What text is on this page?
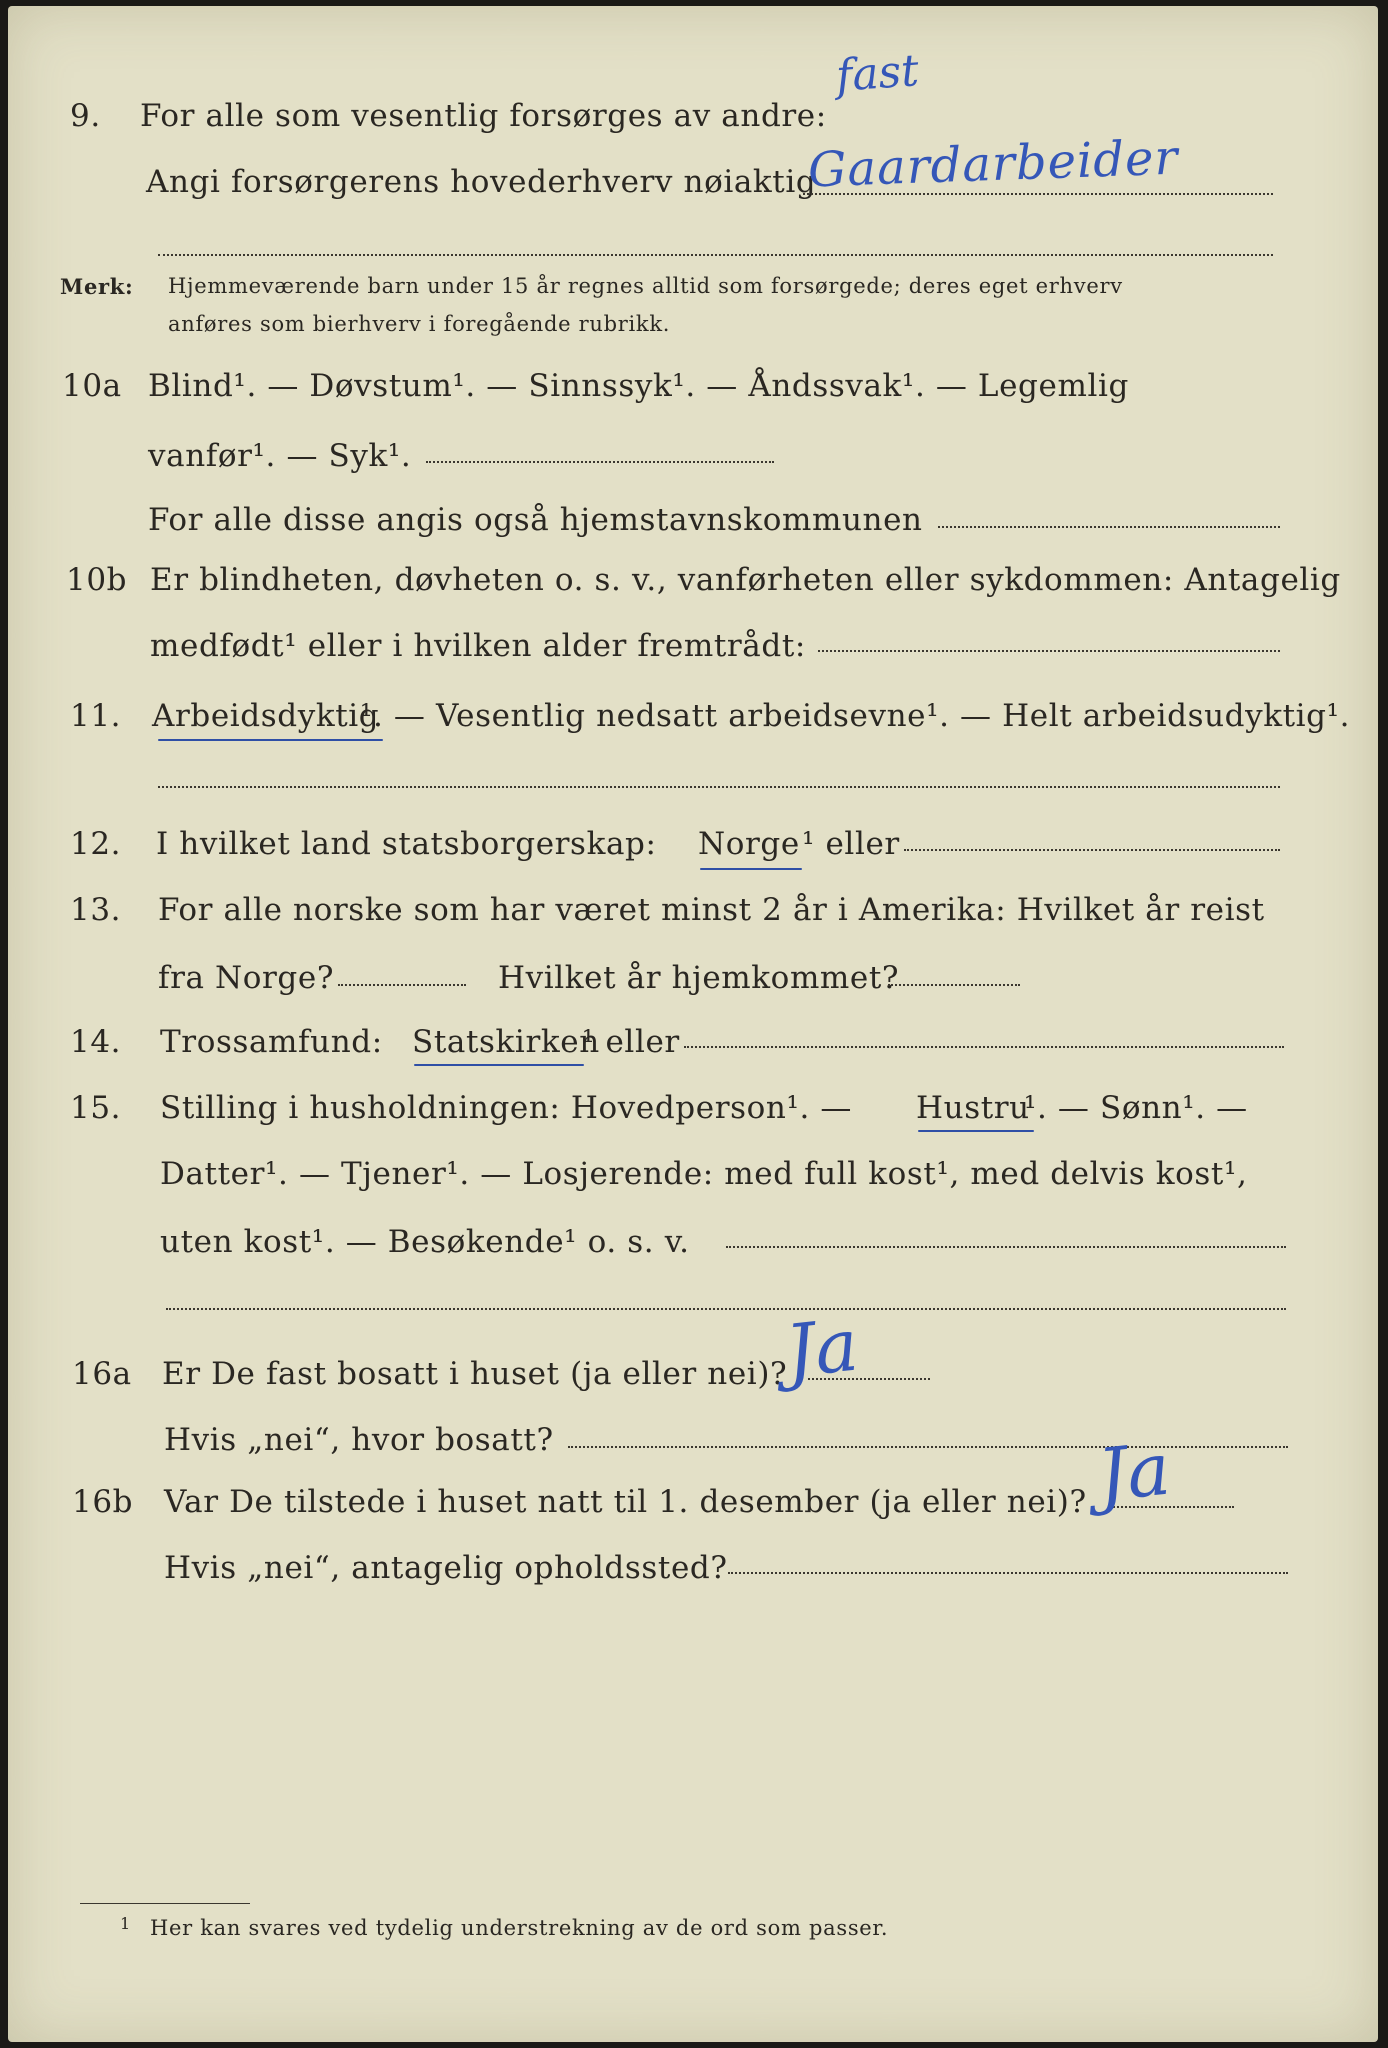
9. For alle som vesentlig forsørges av andre:
fast
Angi forsørgerens hovederhverv nøiaktig
Gaardarbeider
Merk: Hjemmeværende barn under 15 år regnes alltid som forsørgede; deres eget erhverv
anføres som bierhverv i foregående rubrikk.
10a Blind¹. — Døvstum¹. — Sinnssyk¹. — Åndssvak¹. — Legemlig
vanfør¹. — Syk¹.
For alle disse angis også hjemstavnskommunen
10b Er blindheten, døvheten o. s. v., vanførheten eller sykdommen: Antagelig
medfødt¹ eller i hvilken alder fremtrådt:
11. Arbeidsdyktig
¹. — Vesentlig nedsatt arbeidsevne¹. — Helt arbeidsudyktig¹.
12. I hvilket land statsborgerskap: Norge ¹ eller
13. For alle norske som har været minst 2 år i Amerika: Hvilket år reist
fra Norge?	Hvilket år hjemkommet?
14. Trossamfund: Statskirken
¹ eller
15. Stilling i husholdningen: Hovedperson¹. — Hustru
¹. — Sønn¹. —
Datter¹. — Tjener¹. — Losjerende: med full kost¹, med delvis kost¹,
uten kost¹. — Besøkende¹ o. s. v.
16a Er De fast bosatt i huset (ja eller nei)?
Ja
Hvis „nei“, hvor bosatt?
16b Var De tilstede i huset natt til 1. desember (ja eller nei)? Ja
Hvis „nei“, antagelig opholdssted?
1 Her kan svares ved tydelig understrekning av de ord som passer.
